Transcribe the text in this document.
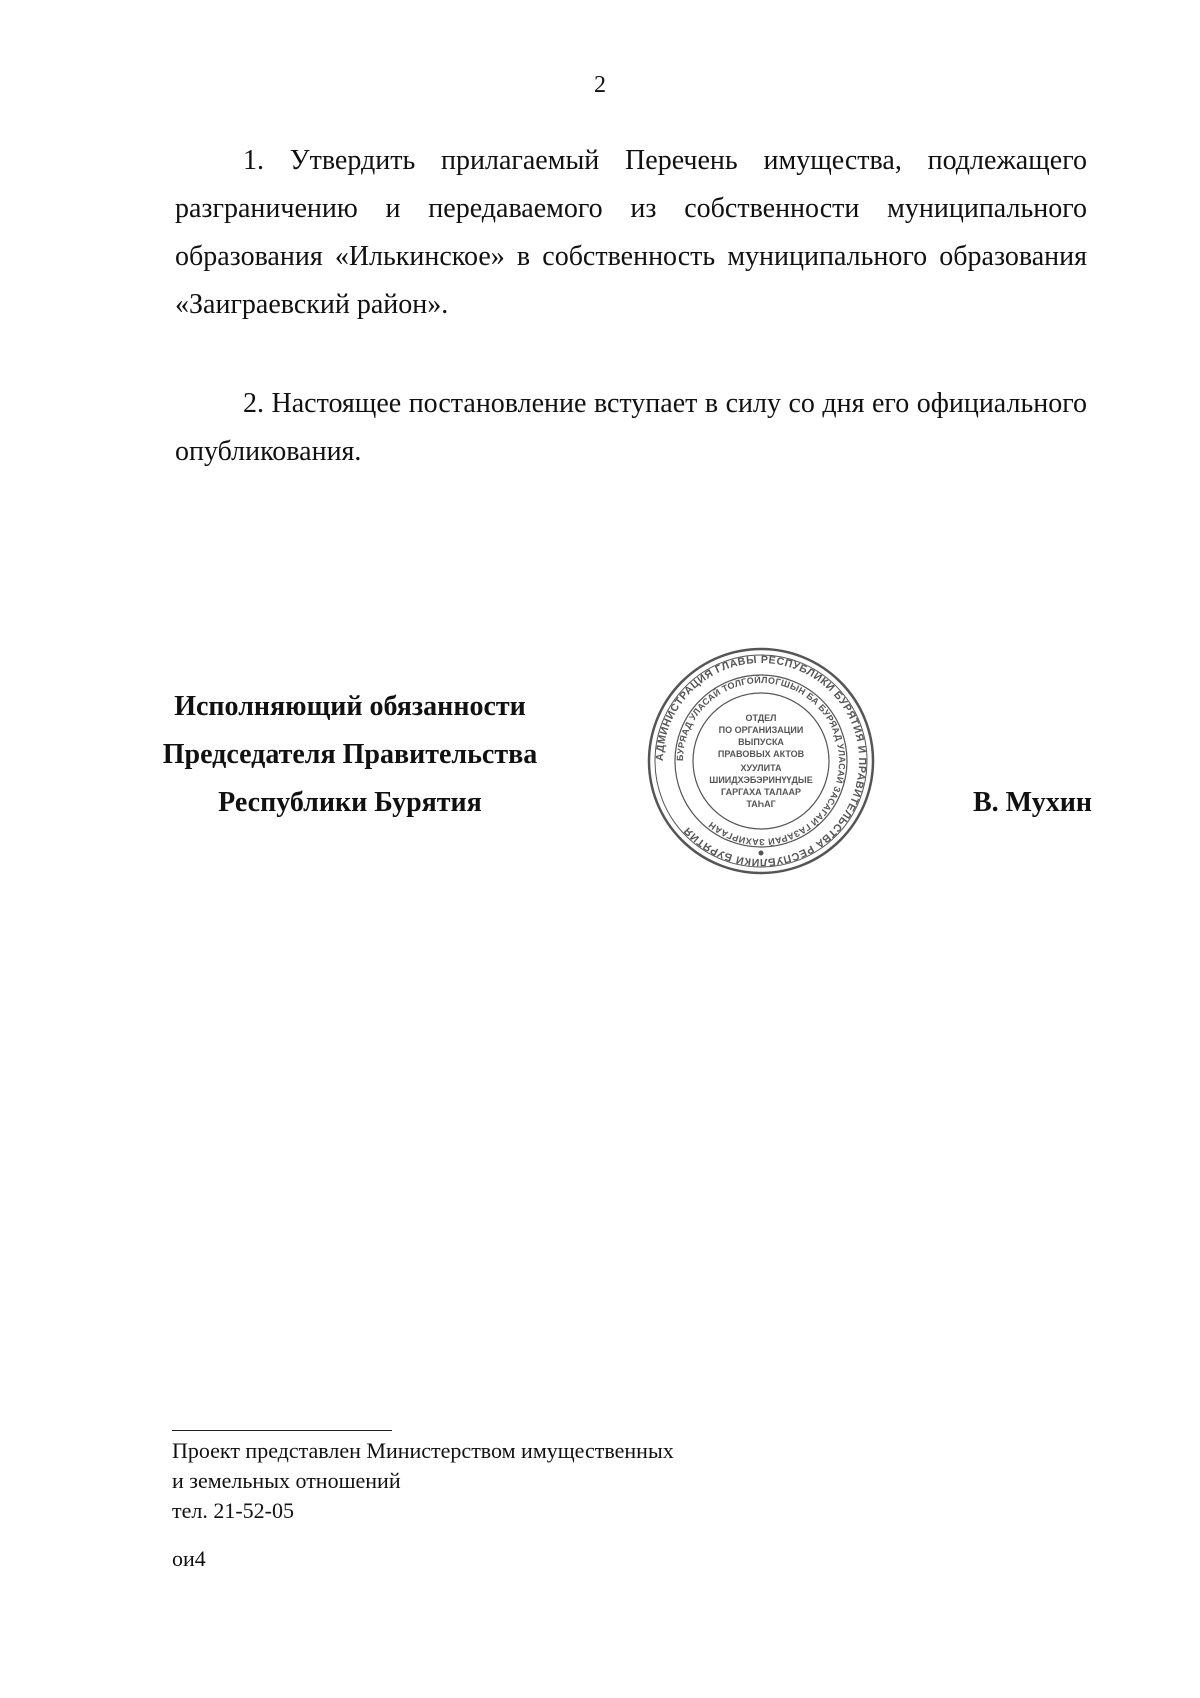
2

1. Утвердить прилагаемый Перечень имущества, подлежащего разграничению и передаваемого из собственности муниципального образования «Илькинское» в собственность муниципального образования «Заиграевский район».

2. Настоящее постановление вступает в силу со дня его официального опубликования.

Исполняющий обязанности
Председателя Правительства
Республики Бурятия
АДМИНИСТРАЦИЯ ГЛАВЫ РЕСПУБЛИКИ БУРЯТИЯ И ПРАВИТЕЛЬСТВА РЕСПУБЛИКИ БУРЯТИЯ
БУРЯАД УЛАСАЙ ТОЛГОЙЛОГШЫН БА БУРЯАД УЛАСАЙ ЗАСАГАЙ ГАЗАРАЙ ЗАХИРГААН
ОТДЕЛ
ПО ОРГАНИЗАЦИИ
ВЫПУСКА
ПРАВОВЫХ АКТОВ
ХУУЛИТА
ШИИДХЭБЭРИНҮҮДЫЕ
ГАРГАХА ТАЛААР
ТАҺАГ	В. Мухин
Проект представлен Министерством имущественных
и земельных отношений
тел. 21-52-05
ои4
